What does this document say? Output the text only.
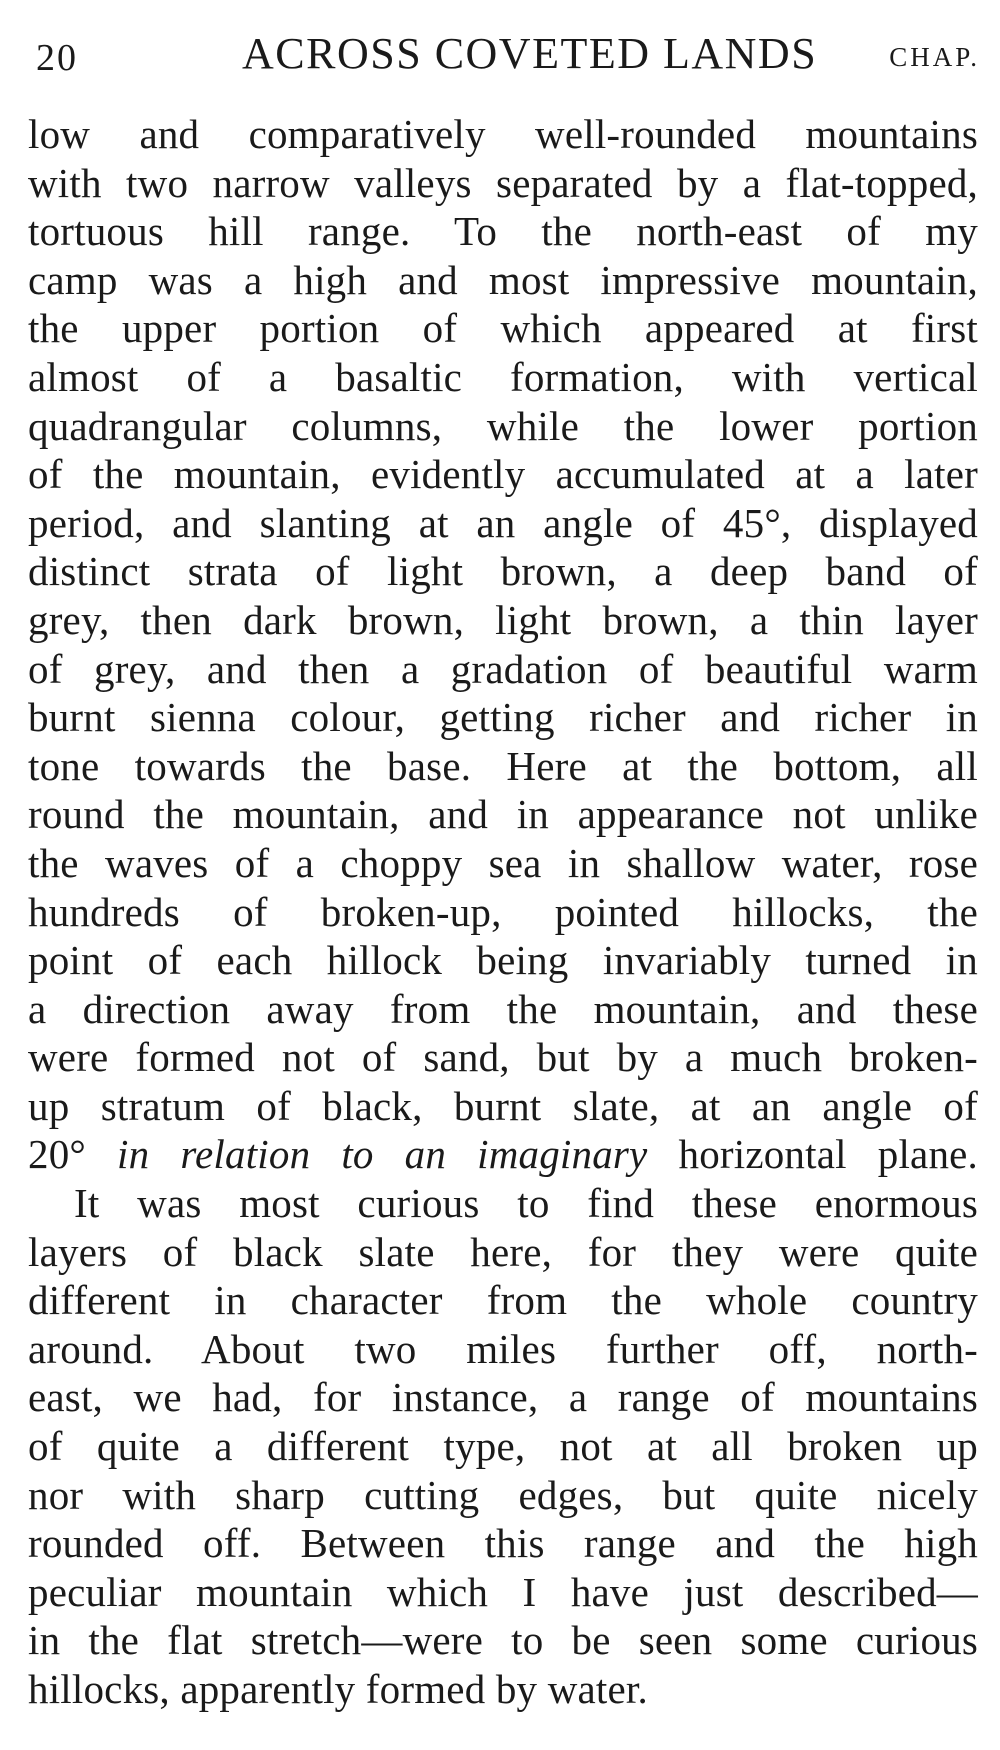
20	ACROSS COVETED LANDS	CHAP.
low and comparatively well-rounded mountains
with two narrow valleys separated by a flat-topped,
tortuous hill range. To the north-east of my
camp was a high and most impressive mountain,
the upper portion of which appeared at first
almost of a basaltic formation, with vertical
quadrangular columns, while the lower portion
of the mountain, evidently accumulated at a later
period, and slanting at an angle of 45°, displayed
distinct strata of light brown, a deep band of
grey, then dark brown, light brown, a thin layer
of grey, and then a gradation of beautiful warm
burnt sienna colour, getting richer and richer in
tone towards the base. Here at the bottom, all
round the mountain, and in appearance not unlike
the waves of a choppy sea in shallow water, rose
hundreds of broken-up, pointed hillocks, the
point of each hillock being invariably turned in
a direction away from the mountain, and these
were formed not of sand, but by a much broken-
up stratum of black, burnt slate, at an angle of
20° in relation to an imaginary horizontal plane.
It was most curious to find these enormous
layers of black slate here, for they were quite
different in character from the whole country
around. About two miles further off, north-
east, we had, for instance, a range of mountains
of quite a different type, not at all broken up
nor with sharp cutting edges, but quite nicely
rounded off. Between this range and the high
peculiar mountain which I have just described—
in the flat stretch—were to be seen some curious
hillocks, apparently formed by water.
